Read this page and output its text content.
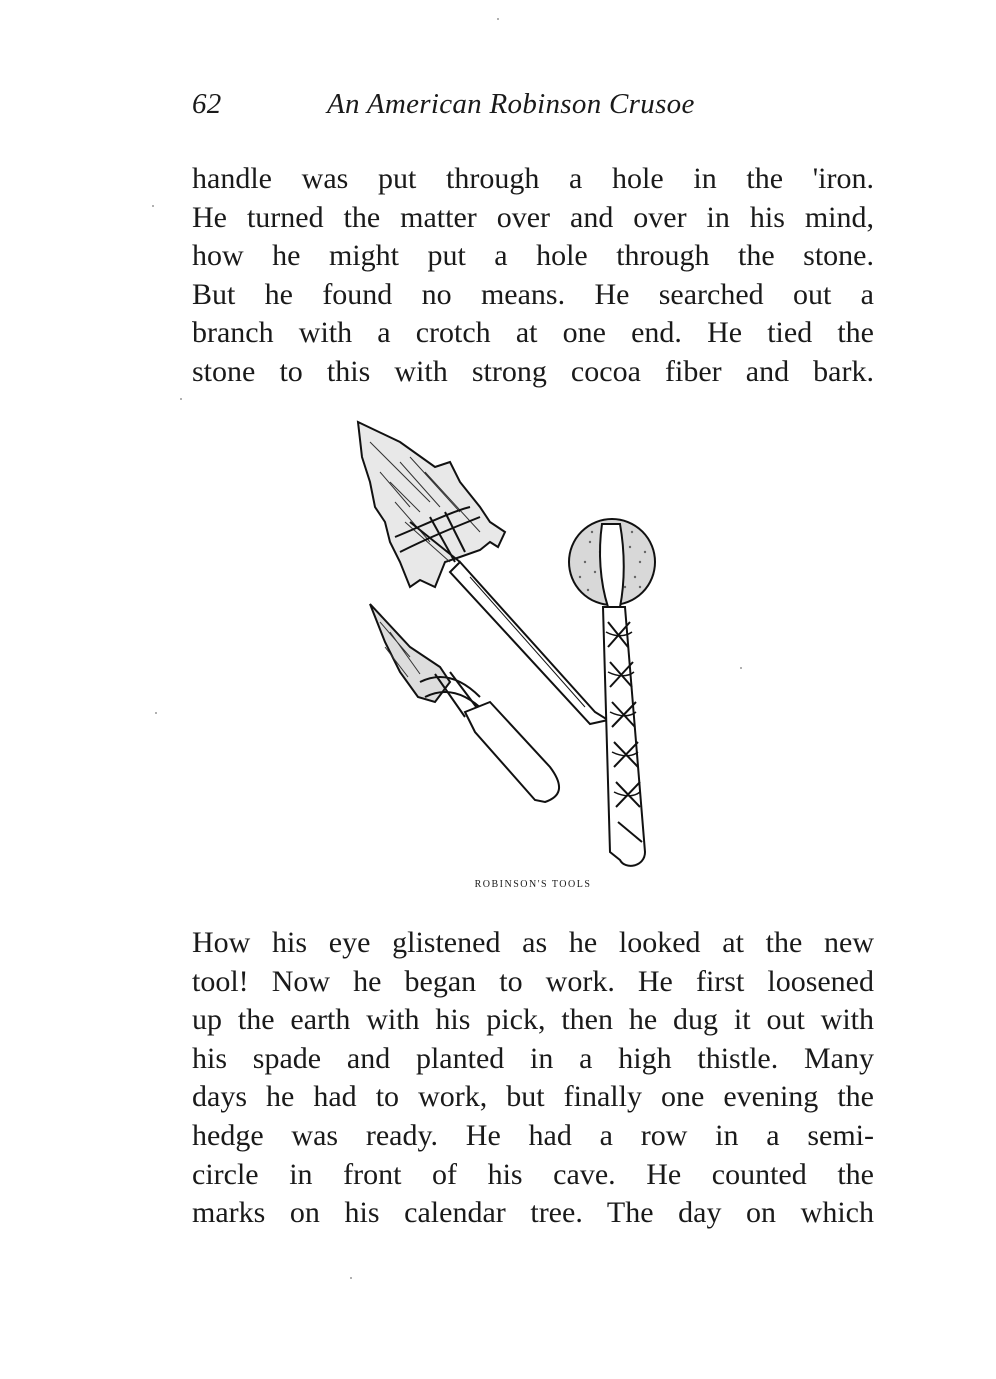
62	An American Robinson Crusoe
handle was put through a hole in the 'iron.
He turned the matter over and over in his mind,
how he might put a hole through the stone.
But he found no means. He searched out a
branch with a crotch at one end. He tied the
stone to this with strong cocoa fiber and bark.
ROBINSON'S TOOLS
How his eye glistened as he looked at the new
tool! Now he began to work. He first loosened
up the earth with his pick, then he dug it out with
his spade and planted in a high thistle. Many
days he had to work, but finally one evening the
hedge was ready. He had a row in a semi-
circle in front of his cave. He counted the
marks on his calendar tree. The day on which
